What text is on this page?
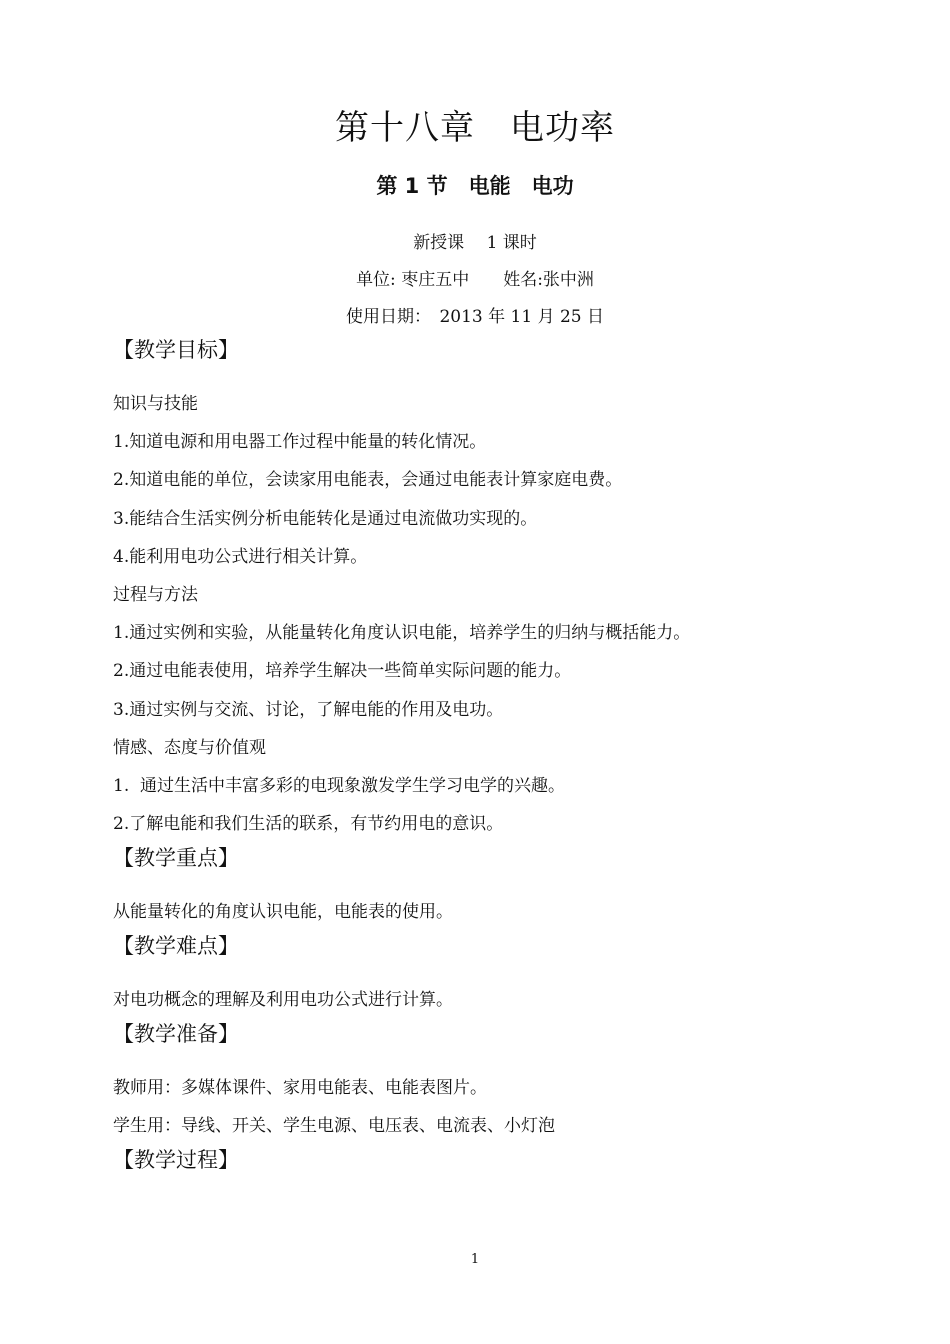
第十八章　电功率
第 1 节　电能　电功
新授课　 1 课时
单位: 枣庄五中　　姓名:张中洲
使用日期：　2013 年 11 月 25 日
【教学目标】
知识与技能
1.知道电源和用电器工作过程中能量的转化情况。
2.知道电能的单位，会读家用电能表，会通过电能表计算家庭电费。
3.能结合生活实例分析电能转化是通过电流做功实现的。
4.能利用电功公式进行相关计算。
过程与方法
1.通过实例和实验，从能量转化角度认识电能，培养学生的归纳与概括能力。
2.通过电能表使用，培养学生解决一些简单实际问题的能力。
3.通过实例与交流、讨论，了解电能的作用及电功。
情感、态度与价值观
1.  通过生活中丰富多彩的电现象激发学生学习电学的兴趣。
2.了解电能和我们生活的联系，有节约用电的意识。
【教学重点】
从能量转化的角度认识电能，电能表的使用。
【教学难点】
对电功概念的理解及利用电功公式进行计算。
【教学准备】
教师用：多媒体课件、家用电能表、电能表图片。
学生用：导线、开关、学生电源、电压表、电流表、小灯泡
【教学过程】
1
